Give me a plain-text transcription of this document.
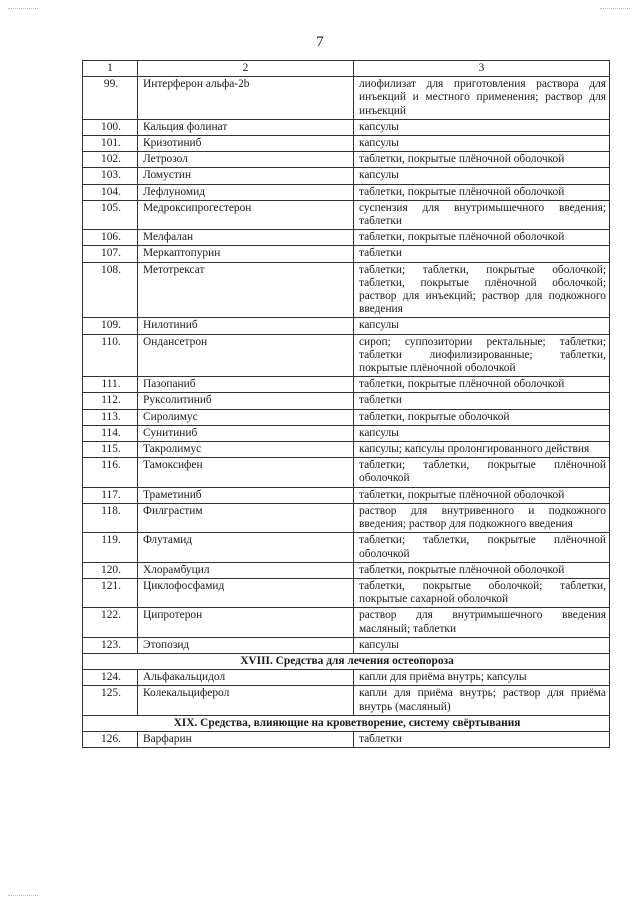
7
1	2	3
99.	Интерферон альфа-2b	лиофилизат для приготовления раствора для инъекций и местного применения; раствор для инъекций
100.	Кальция фолинат	капсулы
101.	Кризотиниб	капсулы
102.	Летрозол	таблетки, покрытые плёночной оболочкой
103.	Ломустин	капсулы
104.	Лефлуномид	таблетки, покрытые плёночной оболочкой
105.	Медроксипрогестерон	суспензия для внутримышечного введения; таблетки
106.	Мелфалан	таблетки, покрытые плёночной оболочкой
107.	Меркаптопурин	таблетки
108.	Метотрексат	таблетки; таблетки, покрытые оболочкой; таблетки, покрытые плёночной оболочкой; раствор для инъекций; раствор для подкожного введения
109.	Нилотиниб	капсулы
110.	Ондансетрон	сироп; суппозитории ректальные; таблетки; таблетки лиофилизированные; таблетки, покрытые плёночной оболочкой
111.	Пазопаниб	таблетки, покрытые плёночной оболочкой
112.	Руксолитиниб	таблетки
113.	Сиролимус	таблетки, покрытые оболочкой
114.	Сунитиниб	капсулы
115.	Такролимус	капсулы; капсулы пролонгированного действия
116.	Тамоксифен	таблетки; таблетки, покрытые плёночной оболочкой
117.	Траметиниб	таблетки, покрытые плёночной оболочкой
118.	Филграстим	раствор для внутривенного и подкожного введения; раствор для подкожного введения
119.	Флутамид	таблетки; таблетки, покрытые плёночной оболочкой
120.	Хлорамбуцил	таблетки, покрытые плёночной оболочкой
121.	Циклофосфамид	таблетки, покрытые оболочкой; таблетки, покрытые сахарной оболочкой
122.	Ципротерон	раствор для внутримышечного введения масляный; таблетки
123.	Этопозид	капсулы
XVIII. Средства для лечения остеопороза		
124.	Альфакальцидол	капли для приёма внутрь; капсулы
125.	Колекальциферол	капли для приёма внутрь; раствор для приёма внутрь (масляный)
XIX. Средства, влияющие на кроветворение, систему свёртывания		
126.	Варфарин	таблетки
